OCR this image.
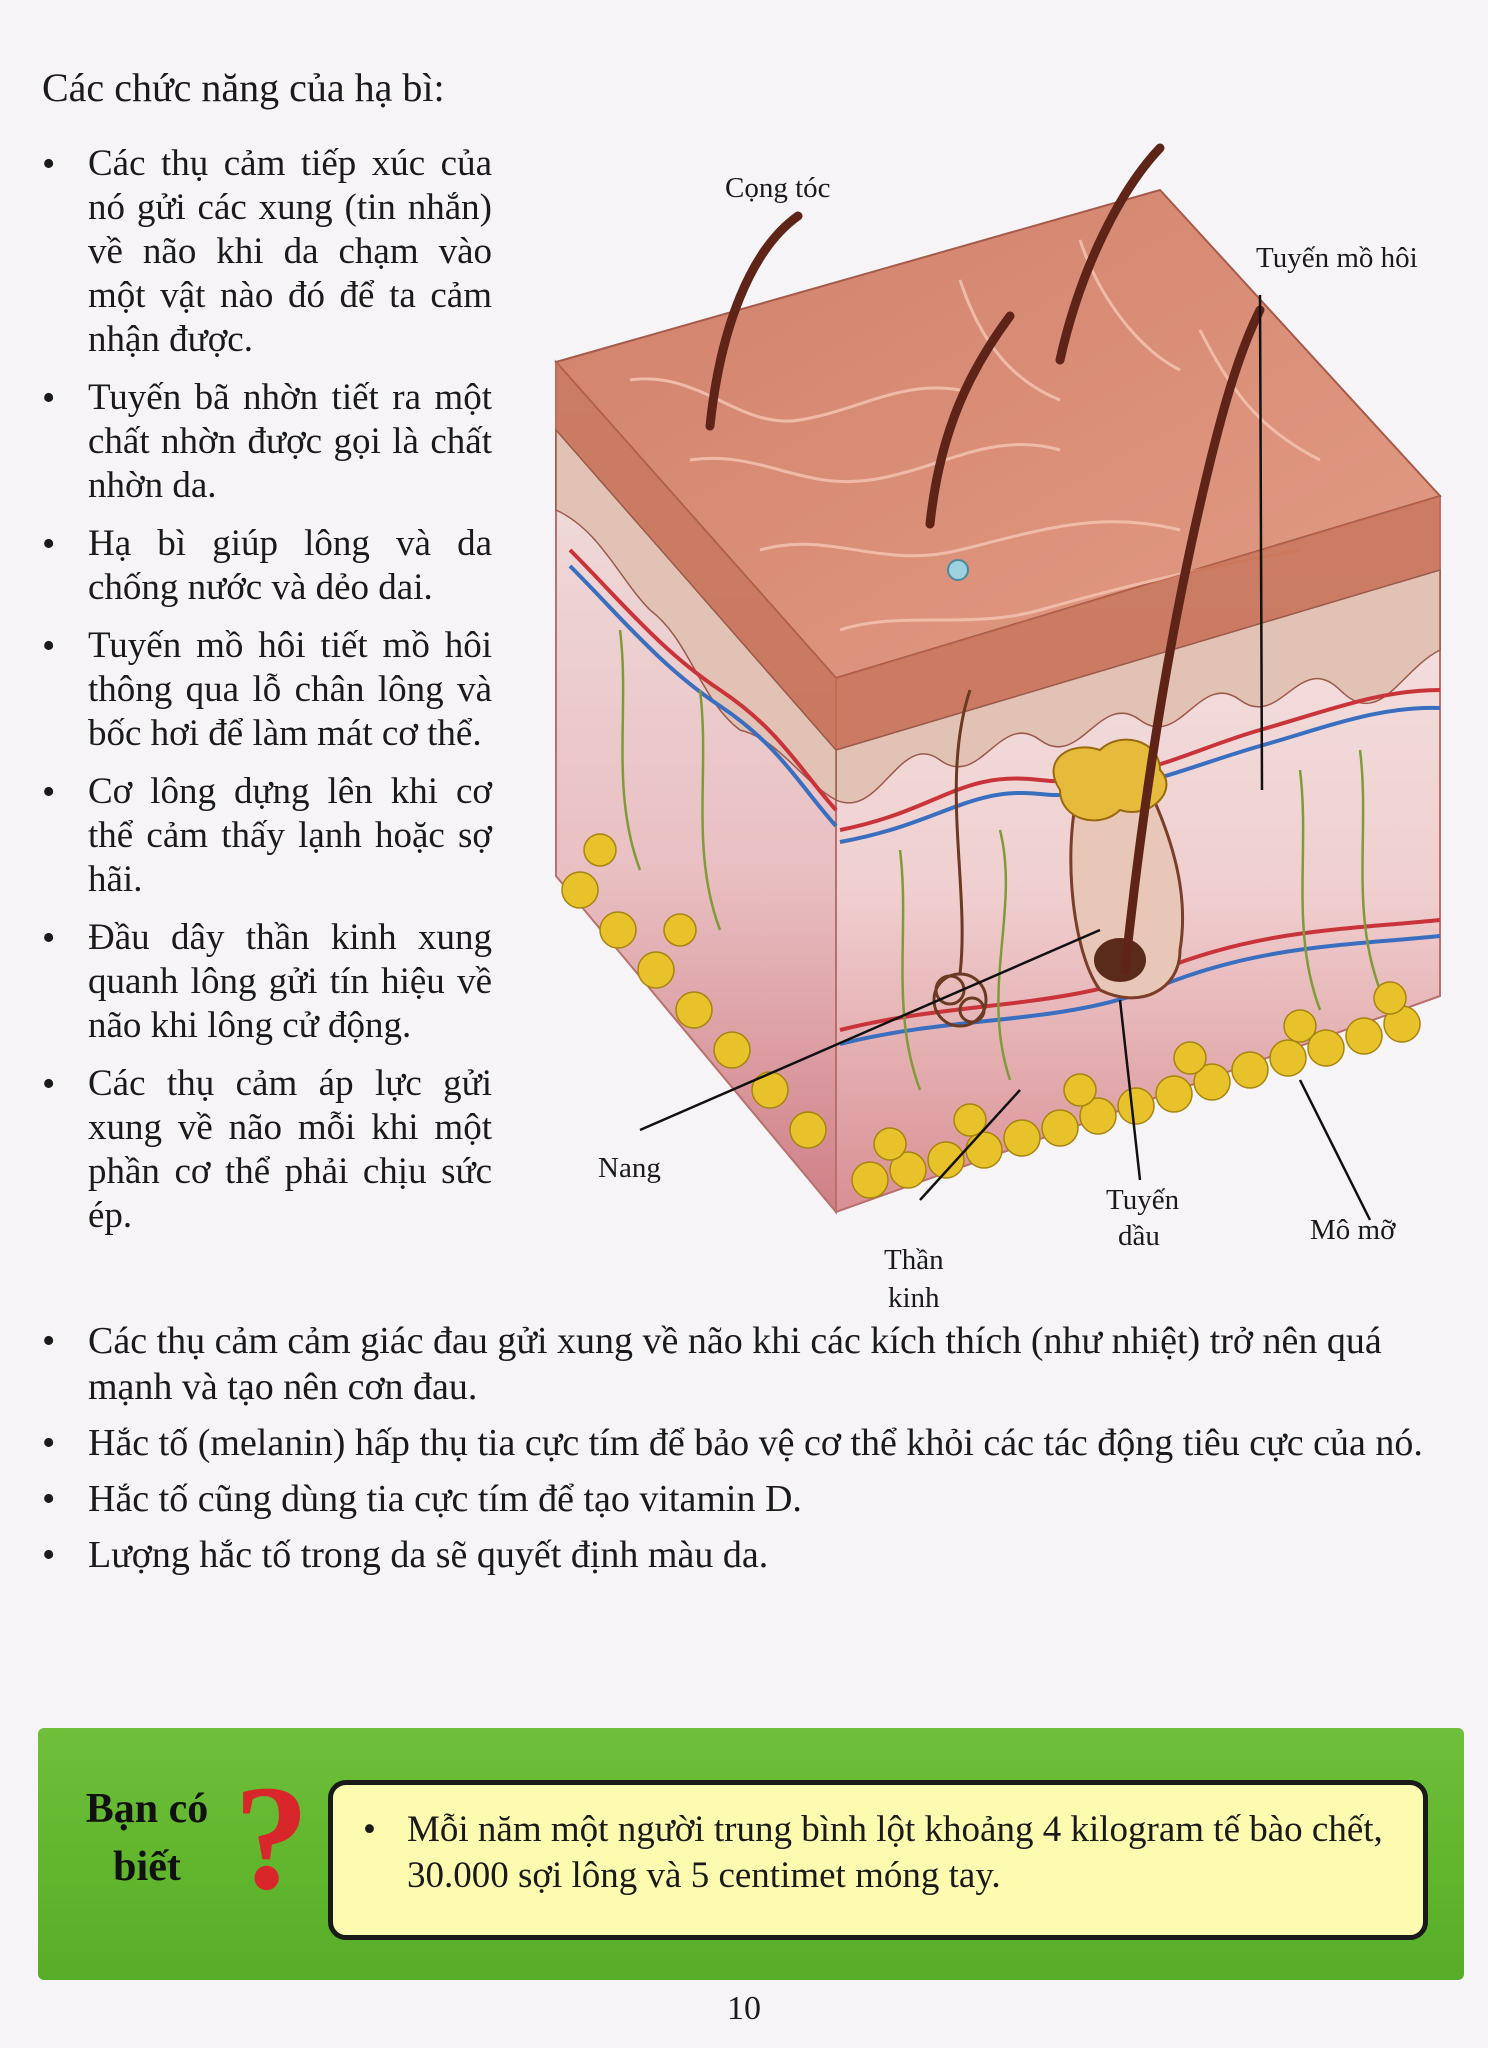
Các chức năng của hạ bì:
• Các thụ cảm tiếp xúc của nó gửi các xung (tin nhắn) về não khi da chạm vào một vật nào đó để ta cảm nhận được.
• Tuyến bã nhờn tiết ra một chất nhờn được gọi là chất nhờn da.
• Hạ bì giúp lông và da chống nước và dẻo dai.
• Tuyến mồ hôi tiết mồ hôi thông qua lỗ chân lông và bốc hơi để làm mát cơ thể.
• Cơ lông dựng lên khi cơ thể cảm thấy lạnh hoặc sợ hãi.
• Đầu dây thần kinh xung quanh lông gửi tín hiệu về não khi lông cử động.
• Các thụ cảm áp lực gửi xung về não mỗi khi một phần cơ thể phải chịu sức ép.
Cọng tóc
Tuyến mồ hôi
Nang
Thần
kinh
Tuyến
dầu	Mô mỡ
• Các thụ cảm cảm giác đau gửi xung về não khi các kích thích (như nhiệt) trở nên quá mạnh và tạo nên cơn đau.
• Hắc tố (melanin) hấp thụ tia cực tím để bảo vệ cơ thể khỏi các tác động tiêu cực của nó.
• Hắc tố cũng dùng tia cực tím để tạo vitamin D.
• Lượng hắc tố trong da sẽ quyết định màu da.
Bạn có
biết ?
•	Mỗi năm một người trung bình lột khoảng 4 kilogram tế bào chết, 30.000 sợi lông và 5 centimet móng tay.
10
